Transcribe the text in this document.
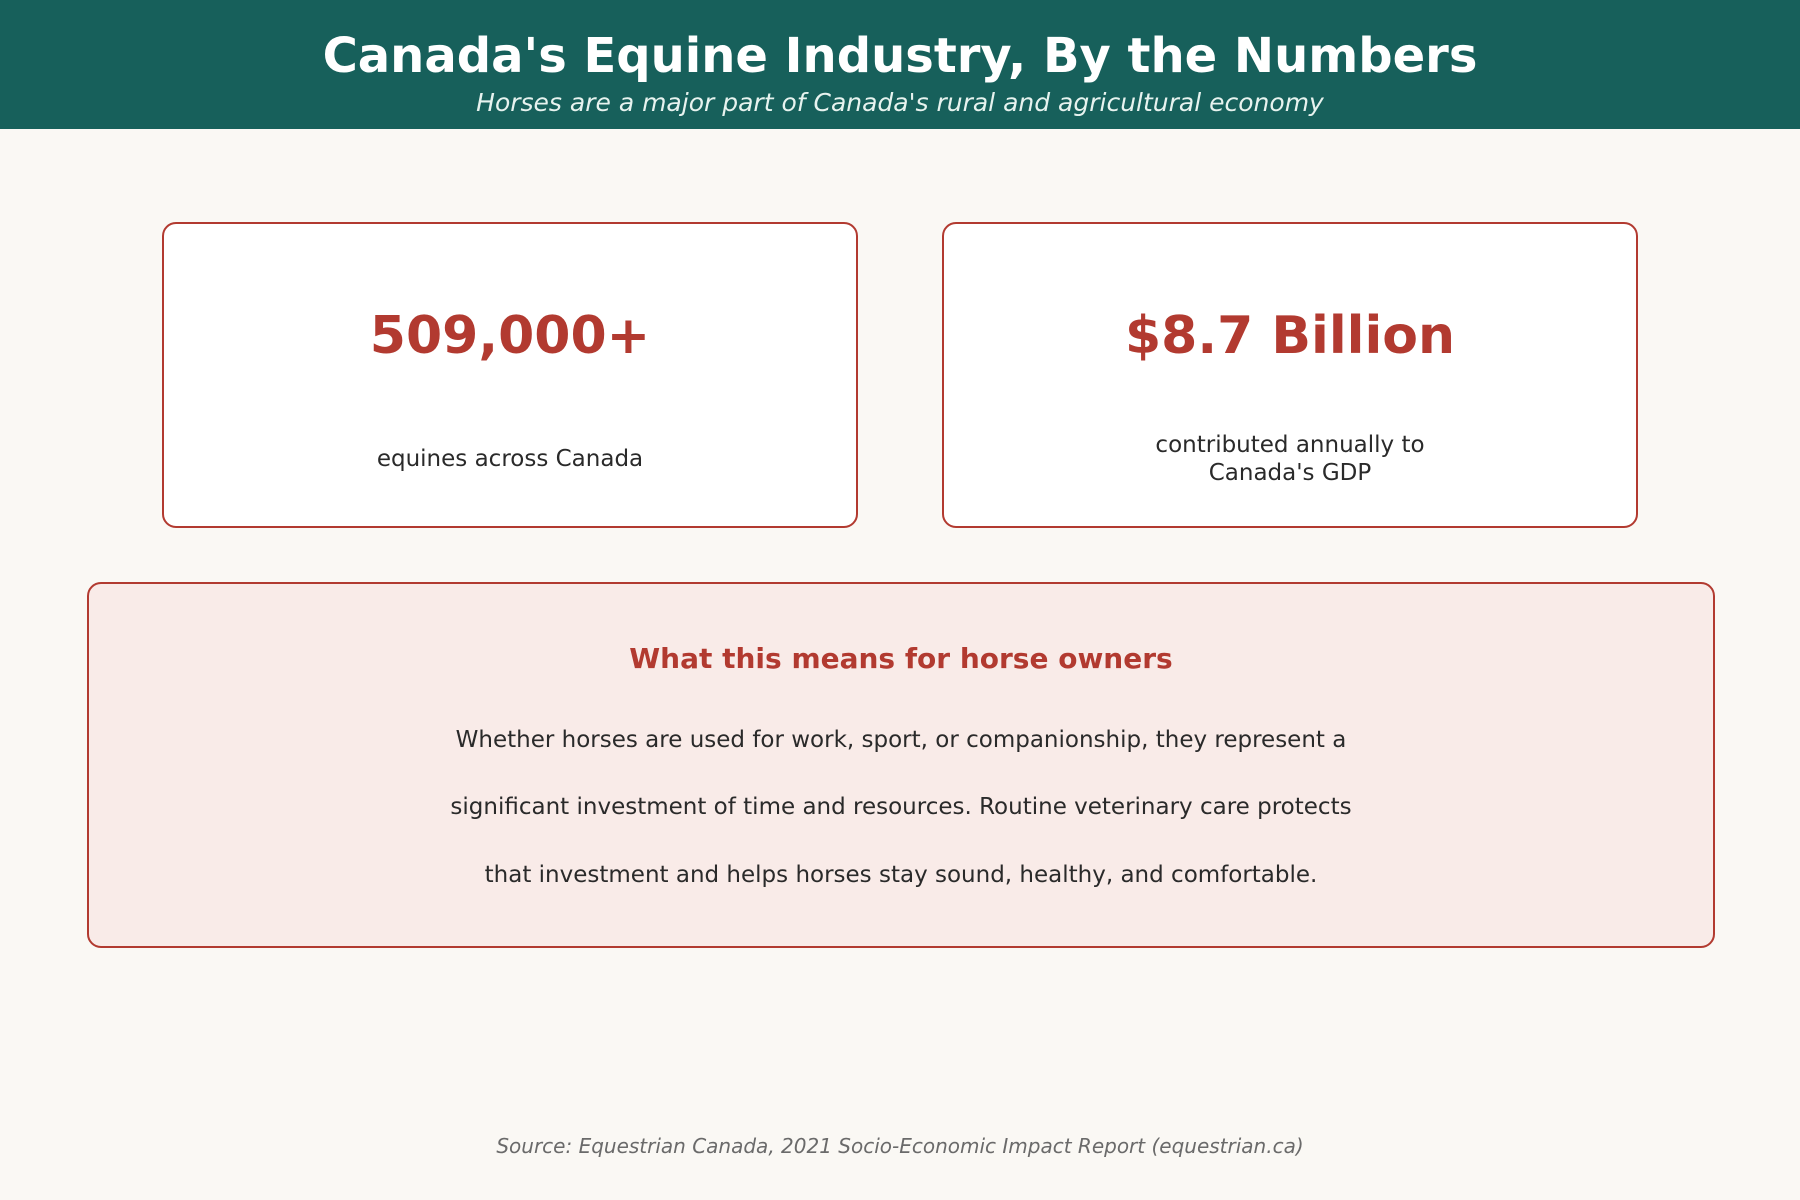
Canada's Equine Industry, By the Numbers
Horses are a major part of Canada's rural and agricultural economy
509,000+
equines across Canada
$8.7 Billion
contributed annually to
Canada's GDP
What this means for horse owners
Whether horses are used for work, sport, or companionship, they represent a
significant investment of time and resources. Routine veterinary care protects
that investment and helps horses stay sound, healthy, and comfortable.
Source: Equestrian Canada, 2021 Socio-Economic Impact Report (equestrian.ca)
